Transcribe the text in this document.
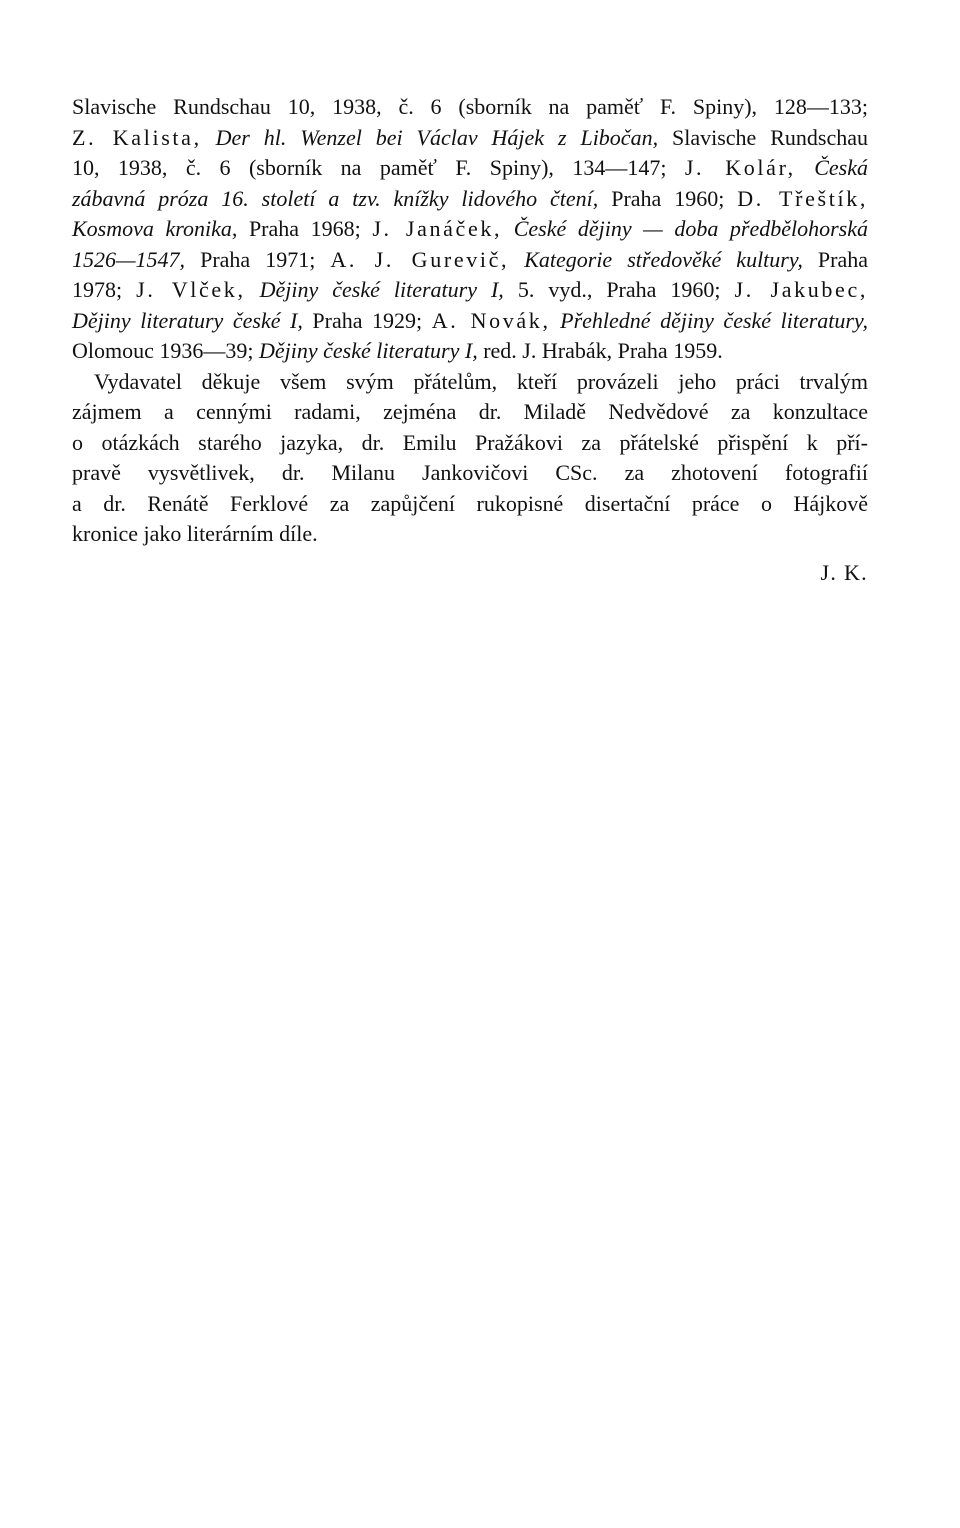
Slavische Rundschau 10, 1938, č. 6 (sborník na paměť F. Spiny), 128—133;
Z. Kalista, Der hl. Wenzel bei Václav Hájek z Libočan, Slavische Rundschau
10, 1938, č. 6 (sborník na paměť F. Spiny), 134—147; J. Kolár, Česká
zábavná próza 16. století a tzv. knížky lidového čtení, Praha 1960; D. Třeštík,
Kosmova kronika, Praha 1968; J. Janáček, České dějiny — doba předbělohorská
1526—1547, Praha 1971; A. J. Gurevič, Kategorie středověké kultury, Praha
1978; J. Vlček, Dějiny české literatury I, 5. vyd., Praha 1960; J. Jakubec,
Dějiny literatury české I, Praha 1929; A. Novák, Přehledné dějiny české literatury,
Olomouc 1936—39; Dějiny české literatury I, red. J. Hrabák, Praha 1959.
Vydavatel děkuje všem svým přátelům, kteří provázeli jeho práci trvalým
zájmem a cennými radami, zejména dr. Miladě Nedvědové za konzultace
o otázkách starého jazyka, dr. Emilu Pražákovi za přátelské přispění k pří-
pravě vysvětlivek, dr. Milanu Jankovičovi CSc. za zhotovení fotografií
a dr. Renátě Ferklové za zapůjčení rukopisné disertační práce o Hájkově
kronice jako literárním díle.
J. K.
